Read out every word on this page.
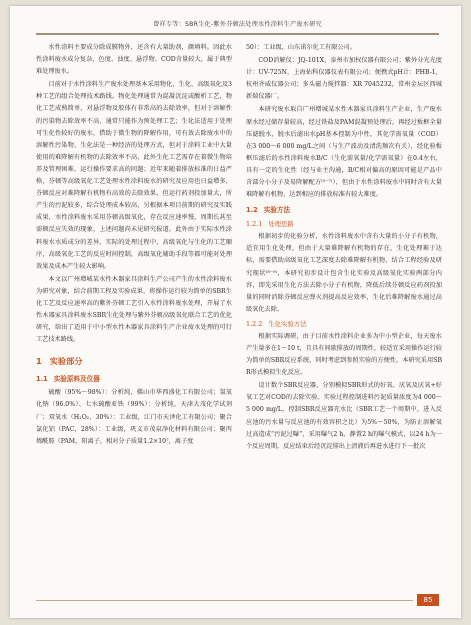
曾祥专等：SBR生化-紫外芬顿法处理水性涂料生产废水研究

水性涂料主要成分除成膜物外，还含有大量助剂，颜填料。因此水性涂料废水成分复杂，色度、浊度、悬浮物、COD含量较大，属于典型难处理废水。

目前对于水性涂料生产废水处理基本采用物化、生化、高级氧化及3种工艺的组合处理技术路线。物化处理通常为混凝沉淀或酸析工艺，物化工艺成熟简单，对悬浮物及胶体有非常高的去除效率，但对于溶解性的污染物去除效率不高，通常只能作为预处理工艺；生化法适用于处理可生化性较好的废水，借助于微生物的降解作用，可有效去除废水中的溶解性污染物，生化法是一种经济的处理方式，但对于涂料工业中大量使用的难降解有机物的去除效率不高，此外生化工艺需存在着微生物培养及管理困难、运行操作要求高的问题；近年来随着排放标准的日益严格，芬顿等高级氧化工艺处理水性涂料废水的研究及应用也日益增多，芬顿反应对难降解有机物有高效的去除效果，但运行药剂投加量大，所产生的污泥较多，综合处理成本较高，另根据本项目前期的研究及实践成果，水性涂料废水采用芬顿高级氧化，存在反应速率慢，周期长甚至需顿反应失效的现象，上述问题尚未见研究报道。此外由于实际水性涂料废水水质成分的差异，实际的处理过程中，高级氧化与生化的工艺顺序，高级氧化工艺的反应时间控制，高级氧化辅助手段等都可能对处理效果及成本产生较大影响。

本文以广州增城某水性木器家具涂料生产公司产生的水性涂料废水为研究对象，结合前期工程及实验成果，将操作运行较为简单的SBR生化工艺及反应速率高的紫外芬顿工艺引入水性涂料废水处理，开展了水性木器家具涂料废水SBR生化处理与紫外芬顿高级氧化联合工艺的优化研究，给出了适用于中小型水性木器家具涂料生产企业废水处理的可行工艺技术路线。

1 实验部分
1.1 实验原料及仪器

硫酸（95%～98%）：分析纯，佛山市华西盛化工有限公司；氢氧化钠（96.0%）、七水硫酸亚铁（99%）：分析纯，天津大茂化学试剂厂；双氧水（H₂O₂，30%）：工业级，江门市天泽化工有限公司；聚合氯化铝（PAC，28%）：工业级，巩义市茂泉净化材料有限公司；聚丙烯酰胺（PAM，阳离子，相对分子质量1.2×10⁷，离子度

50）：工业级，山东诺尔化工有限公司。

COD消解仪：JQ-101X，泰州市加权仪器有限公司；紫外分光光度计：UV-725N，上海佑科仪器仪表有限公司；便携式pH计：PHB-1，杭州齐威仪器公司；多头磁力搅拌器：XR 7045232，常州金坛区西城新瑞仪器厂。

本研究废水取自广州增城某水性木器家具涂料生产企业，生产废水原水经过储存量较高，经过铁盐及PAM混凝预处理后，再经过板框全量压滤脱水，脱水后滤出水pH基本控制为中性，其化学需氧量（COD）在3 000～6 000 mg/L之间（与生产波动及清洗频次有关），经化验板框压滤后的水性涂料废水B/C（生化需氧量/化学需氧量）在0.4左右，具有一定的生化性（经与业主沟通，B/C相对偏高的原因可能是产品中含部分小分子及易降解配方⁽⁵⁻⁷⁾），但由于水性涂料废水中同时含有大量难降解有机物，达到相应的排放标准有较大难度。

1.2 实验方法
1.2.1 处理思路

根据初步的化验分析，水性涂料废水中含有大量的小分子有机物，适宜用生化处理，但由于大量难降解有机物的存在，生化处理难于达标，需要借助高级氧化工艺深度去除难降解有机物，结合工程经验及研究现状⁽⁸⁻⁹⁾，本研究初步设计包含生化实验及高级氧化实验两部分内容，即先采用生化方法去除小分子有机物，降低后续芬顿反应药剂投加量的同时消除芬顿反应弹灭剂提高反应效率，生化后难降解废水通过高级氧化去除。

1.2.2 生化实验方法

根据实际调研，由于目前水性涂料企业多为中小型企业，每天废水产生量多在1～10 t，且具有间歇排放的周期性，较适宜采用操作运行较为简单的SBR反应系统，同时考虑到参照实验的方便性，本研究采用SBR形式模拟生化反应。

设计数个SBR反应器，分别模拟SBR形式的好氧、厌氧及厌氧+好氧工艺对COD的去除实验。实验过程控制进料污泥质量浓度为4 000～5 000 mg/L，控制SBR反应器充水比（SBR工艺一个周期中，进入反应池的污水量与反应池的有效容积之比）为5%～50%，为防止溶解氧过高造成“污泥过曝”，采用曝气2 h、静置2 h的曝气模式，以24 h为一个反应周期，反应结束后经沉淀排出上清液后再进水进行下一批次

85
